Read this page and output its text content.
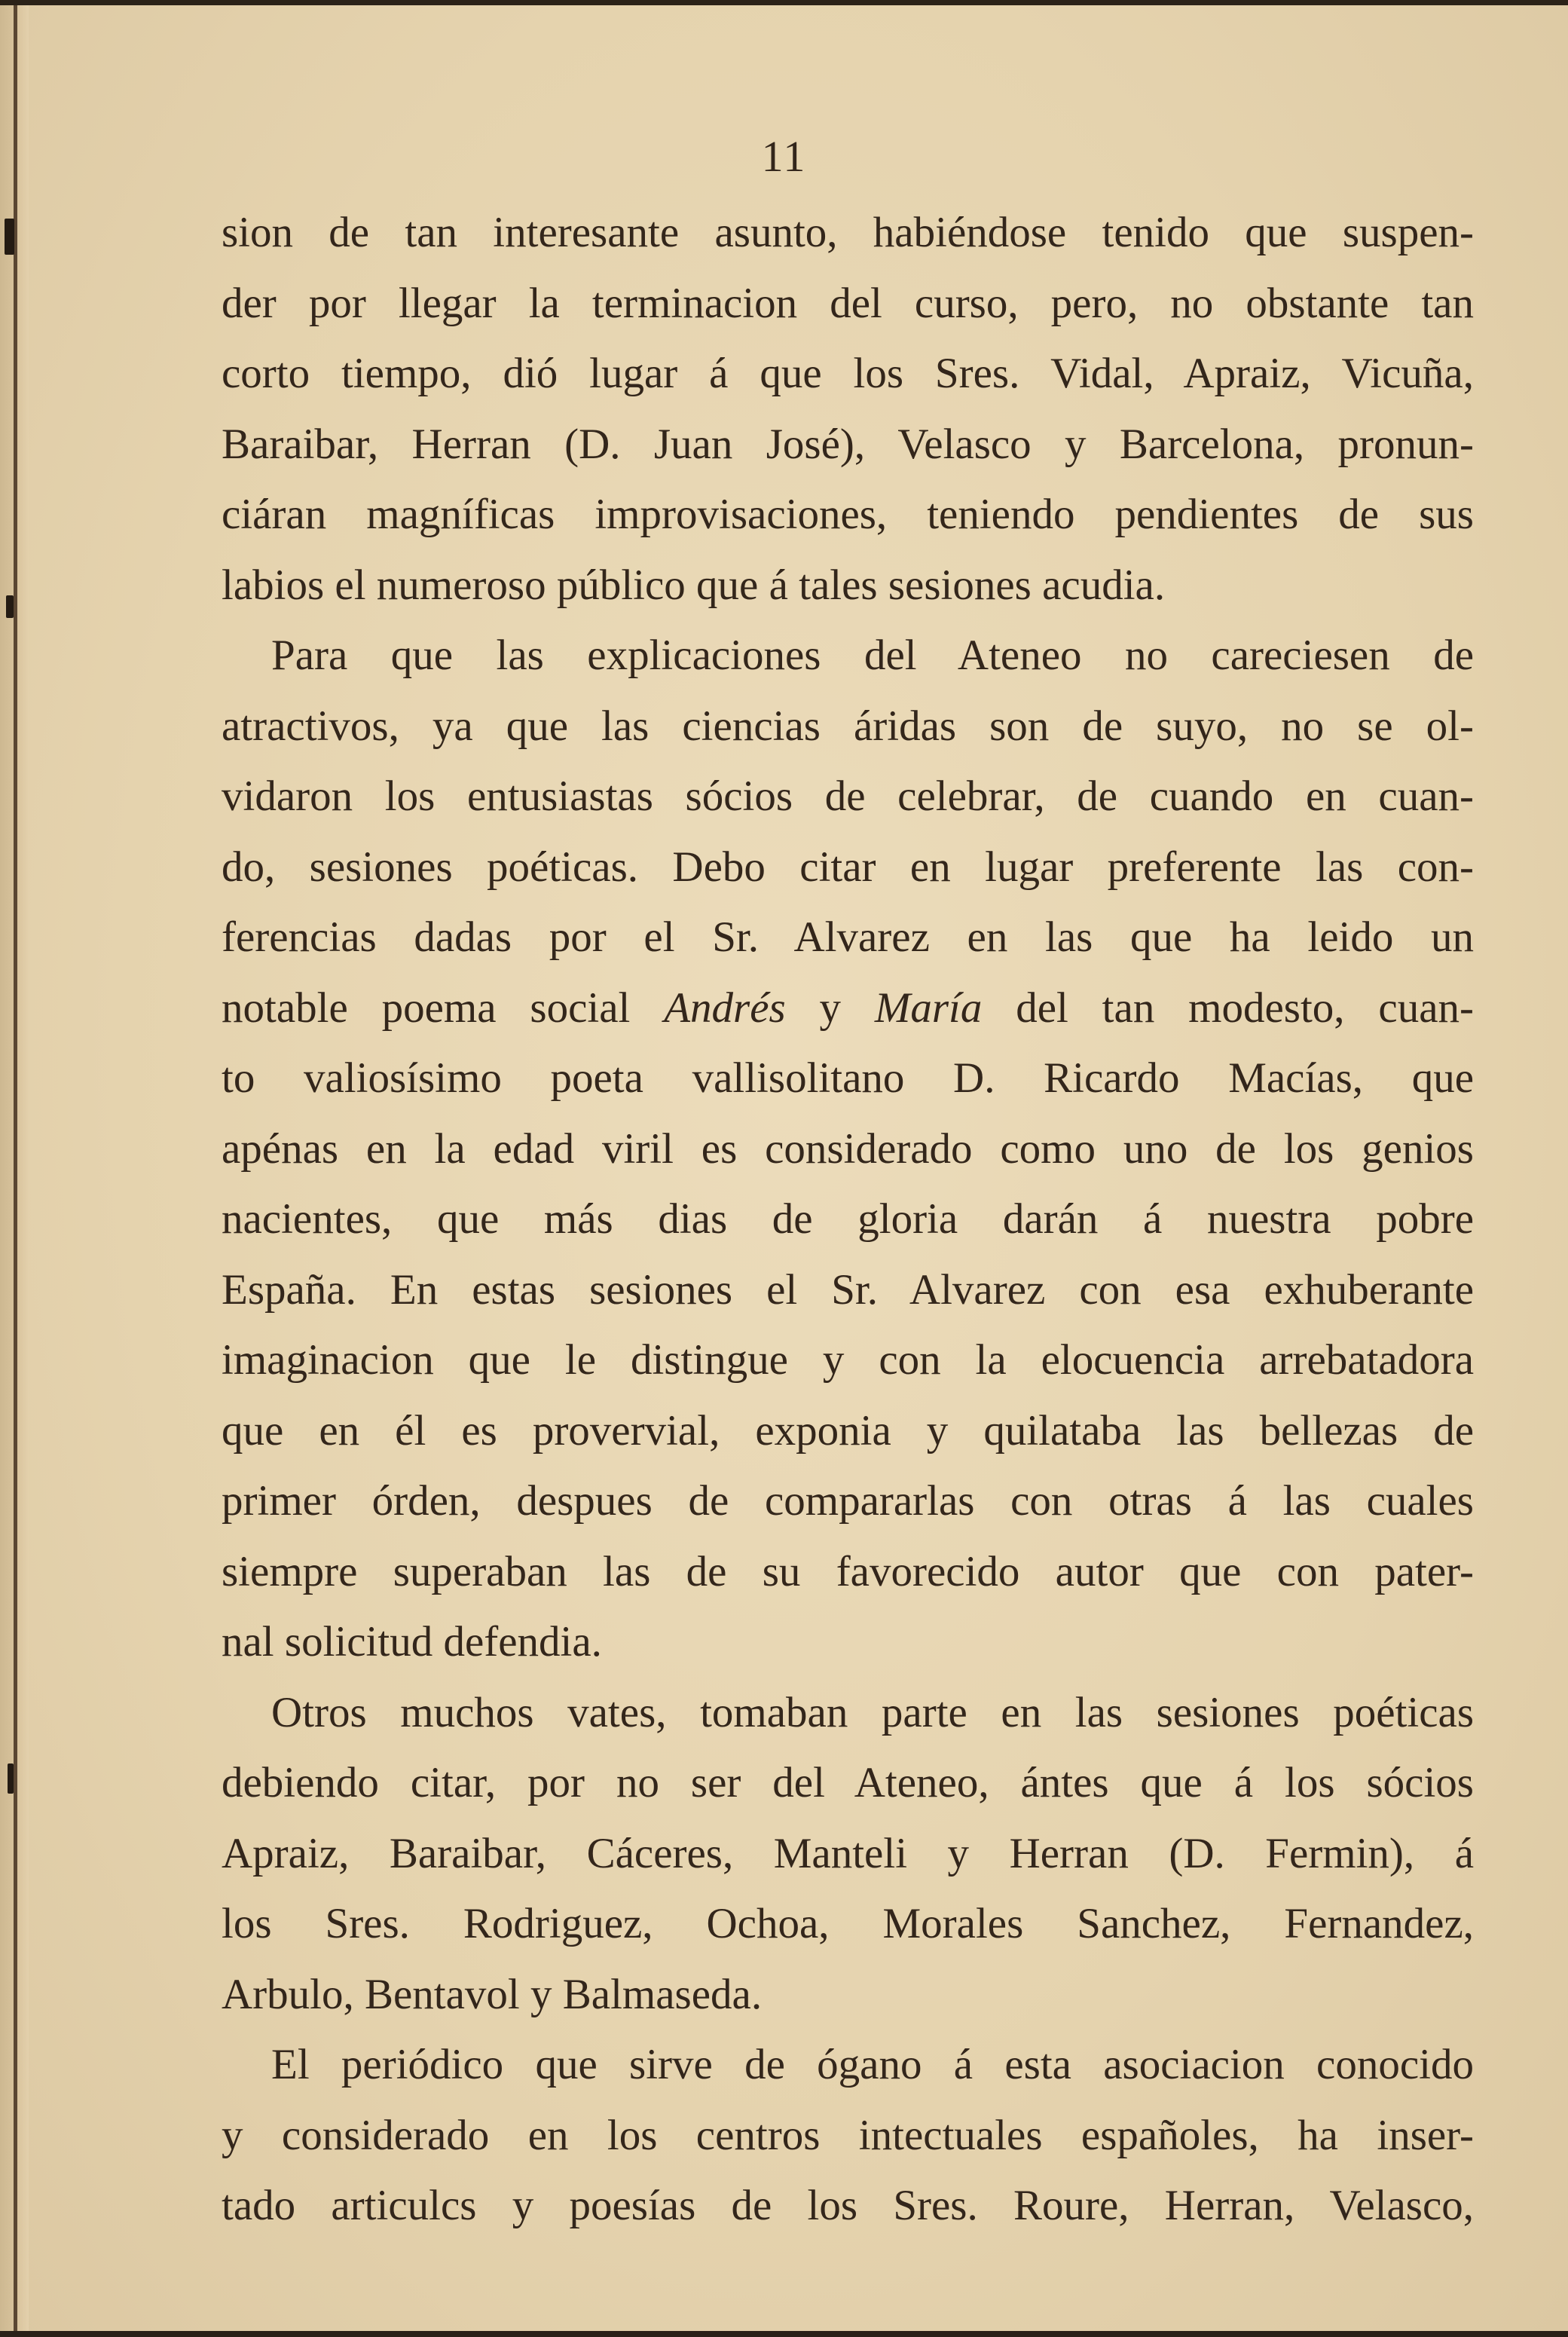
11
sion de tan interesante asunto, habiéndose tenido que suspen-
der por llegar la terminacion del curso, pero, no obstante tan
corto tiempo, dió lugar á que los Sres. Vidal, Apraiz, Vicuña,
Baraibar, Herran (D. Juan José), Velasco y Barcelona, pronun-
ciáran magníficas improvisaciones, teniendo pendientes de sus
labios el numeroso público que á tales sesiones acudia.
Para que las explicaciones del Ateneo no careciesen de
atractivos, ya que las ciencias áridas son de suyo, no se ol-
vidaron los entusiastas sócios de celebrar, de cuando en cuan-
do, sesiones poéticas. Debo citar en lugar preferente las con-
ferencias dadas por el Sr. Alvarez en las que ha leido un
notable poema social Andrés y María del tan modesto, cuan-
to valiosísimo poeta vallisolitano D. Ricardo Macías, que
apénas en la edad viril es considerado como uno de los genios
nacientes, que más dias de gloria darán á nuestra pobre
España. En estas sesiones el Sr. Alvarez con esa exhuberante
imaginacion que le distingue y con la elocuencia arrebatadora
que en él es provervial, exponia y quilataba las bellezas de
primer órden, despues de compararlas con otras á las cuales
siempre superaban las de su favorecido autor que con pater-
nal solicitud defendia.
Otros muchos vates, tomaban parte en las sesiones poéticas
debiendo citar, por no ser del Ateneo, ántes que á los sócios
Apraiz, Baraibar, Cáceres, Manteli y Herran (D. Fermin), á
los Sres. Rodriguez, Ochoa, Morales Sanchez, Fernandez,
Arbulo, Bentavol y Balmaseda.
El periódico que sirve de ógano á esta asociacion conocido
y considerado en los centros intectuales españoles, ha inser-
tado articulcs y poesías de los Sres. Roure, Herran, Velasco,
